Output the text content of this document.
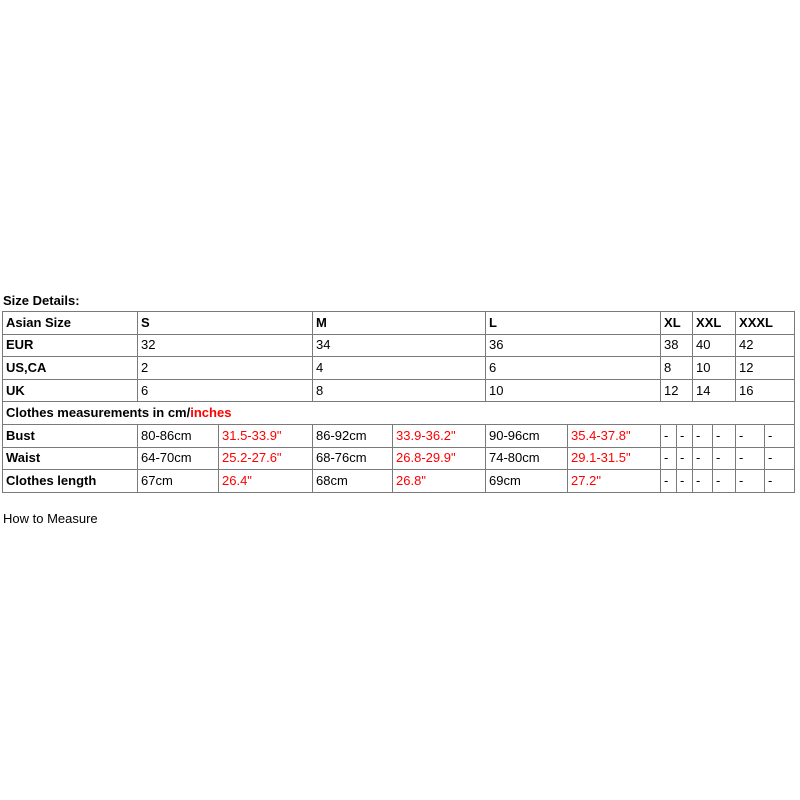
Size Details:
Asian Size	S		M		L		XL		XXL		XXXL	
EUR	32		34		36		38		40		42	
US,CA	2		4		6		8		10		12	
UK	6		8		10		12		14		16	
Clothes measurements in cm/inches												
Bust	80-86cm	31.5-33.9"	86-92cm	33.9-36.2"	90-96cm	35.4-37.8"	-	-	-	-	-	-
Waist	64-70cm	25.2-27.6"	68-76cm	26.8-29.9"	74-80cm	29.1-31.5"	-	-	-	-	-	-
Clothes length	67cm	26.4"	68cm	26.8"	69cm	27.2"	-	-	-	-	-	-
How to Measure
